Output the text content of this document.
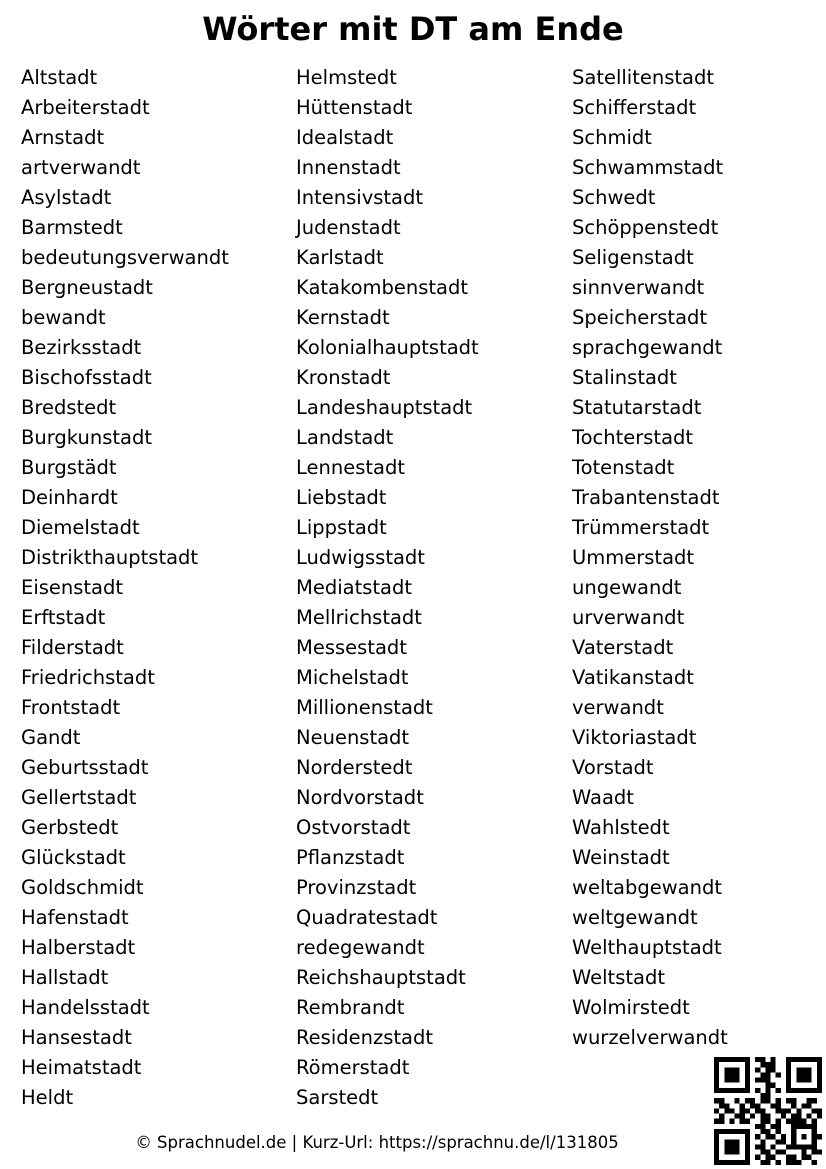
Wörter mit DT am Ende
Altstadt
Arbeiterstadt
Arnstadt
artverwandt
Asylstadt
Barmstedt
bedeutungsverwandt
Bergneustadt
bewandt
Bezirksstadt
Bischofsstadt
Bredstedt
Burgkunstadt
Burgstädt
Deinhardt
Diemelstadt
Distrikthauptstadt
Eisenstadt
Erftstadt
Filderstadt
Friedrichstadt
Frontstadt
Gandt
Geburtsstadt
Gellertstadt
Gerbstedt
Glückstadt
Goldschmidt
Hafenstadt
Halberstadt
Hallstadt
Handelsstadt
Hansestadt
Heimatstadt
Heldt
Helmstedt
Hüttenstadt
Idealstadt
Innenstadt
Intensivstadt
Judenstadt
Karlstadt
Katakombenstadt
Kernstadt
Kolonialhauptstadt
Kronstadt
Landeshauptstadt
Landstadt
Lennestadt
Liebstadt
Lippstadt
Ludwigsstadt
Mediatstadt
Mellrichstadt
Messestadt
Michelstadt
Millionenstadt
Neuenstadt
Norderstedt
Nordvorstadt
Ostvorstadt
Pflanzstadt
Provinzstadt
Quadratestadt
redegewandt
Reichshauptstadt
Rembrandt
Residenzstadt
Römerstadt
Sarstedt
Satellitenstadt
Schifferstadt
Schmidt
Schwammstadt
Schwedt
Schöppenstedt
Seligenstadt
sinnverwandt
Speicherstadt
sprachgewandt
Stalinstadt
Statutarstadt
Tochterstadt
Totenstadt
Trabantenstadt
Trümmerstadt
Ummerstadt
ungewandt
urverwandt
Vaterstadt
Vatikanstadt
verwandt
Viktoriastadt
Vorstadt
Waadt
Wahlstedt
Weinstadt
weltabgewandt
weltgewandt
Welthauptstadt
Weltstadt
Wolmirstedt
wurzelverwandt
© Sprachnudel.de | Kurz-Url: https://sprachnu.de/l/131805
